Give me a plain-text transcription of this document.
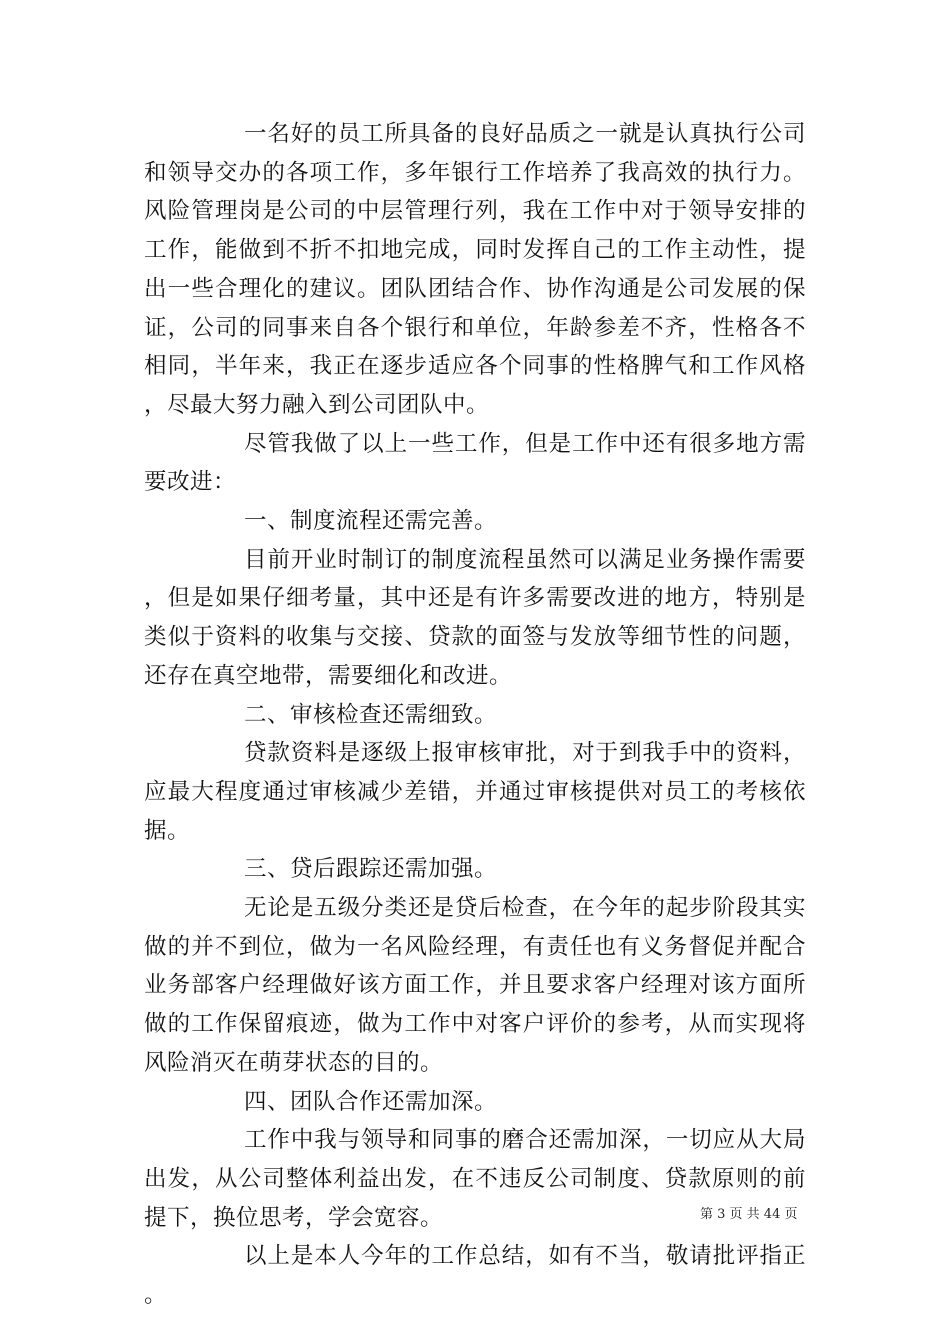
一名好的员工所具备的良好品质之一就是认真执行公司和领导交办的各项工作，多年银行工作培养了我高效的执行力。风险管理岗是公司的中层管理行列，我在工作中对于领导安排的工作，能做到不折不扣地完成，同时发挥自己的工作主动性，提出一些合理化的建议。团队团结合作、协作沟通是公司发展的保证，公司的同事来自各个银行和单位，年龄参差不齐，性格各不相同，半年来，我正在逐步适应各个同事的性格脾气和工作风格，尽最大努力融入到公司团队中。

尽管我做了以上一些工作，但是工作中还有很多地方需要改进：

一、制度流程还需完善。

目前开业时制订的制度流程虽然可以满足业务操作需要，但是如果仔细考量，其中还是有许多需要改进的地方，特别是类似于资料的收集与交接、贷款的面签与发放等细节性的问题，还存在真空地带，需要细化和改进。

二、审核检查还需细致。

贷款资料是逐级上报审核审批，对于到我手中的资料，应最大程度通过审核减少差错，并通过审核提供对员工的考核依据。

三、贷后跟踪还需加强。

无论是五级分类还是贷后检查，在今年的起步阶段其实做的并不到位，做为一名风险经理，有责任也有义务督促并配合业务部客户经理做好该方面工作，并且要求客户经理对该方面所做的工作保留痕迹，做为工作中对客户评价的参考，从而实现将风险消灭在萌芽状态的目的。

四、团队合作还需加深。

工作中我与领导和同事的磨合还需加深，一切应从大局出发，从公司整体利益出发，在不违反公司制度、贷款原则的前提下，换位思考，学会宽容。

以上是本人今年的工作总结，如有不当，敬请批评指正。

第 3 页 共 44 页
